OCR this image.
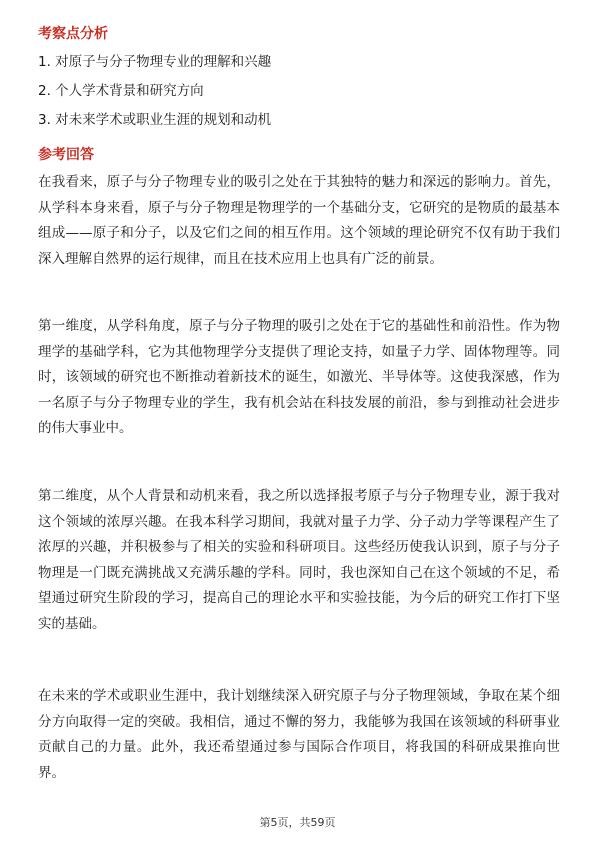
考察点分析

1. 对原子与分子物理专业的理解和兴趣

2. 个人学术背景和研究方向

3. 对未来学术或职业生涯的规划和动机

参考回答

在我看来，原子与分子物理专业的吸引之处在于其独特的魅力和深远的影响力。首先，从学科本身来看，原子与分子物理是物理学的一个基础分支，它研究的是物质的最基本组成——原子和分子，以及它们之间的相互作用。这个领域的理论研究不仅有助于我们深入理解自然界的运行规律，而且在技术应用上也具有广泛的前景。

第一维度，从学科角度，原子与分子物理的吸引之处在于它的基础性和前沿性。作为物理学的基础学科，它为其他物理学分支提供了理论支持，如量子力学、固体物理等。同时，该领域的研究也不断推动着新技术的诞生，如激光、半导体等。这使我深感，作为一名原子与分子物理专业的学生，我有机会站在科技发展的前沿，参与到推动社会进步的伟大事业中。

第二维度，从个人背景和动机来看，我之所以选择报考原子与分子物理专业，源于我对这个领域的浓厚兴趣。在我本科学习期间，我就对量子力学、分子动力学等课程产生了浓厚的兴趣，并积极参与了相关的实验和科研项目。这些经历使我认识到，原子与分子物理是一门既充满挑战又充满乐趣的学科。同时，我也深知自己在这个领域的不足，希望通过研究生阶段的学习，提高自己的理论水平和实验技能，为今后的研究工作打下坚实的基础。

在未来的学术或职业生涯中，我计划继续深入研究原子与分子物理领域，争取在某个细分方向取得一定的突破。我相信，通过不懈的努力，我能够为我国在该领域的科研事业贡献自己的力量。此外，我还希望通过参与国际合作项目，将我国的科研成果推向世界。

第5页，共59页
